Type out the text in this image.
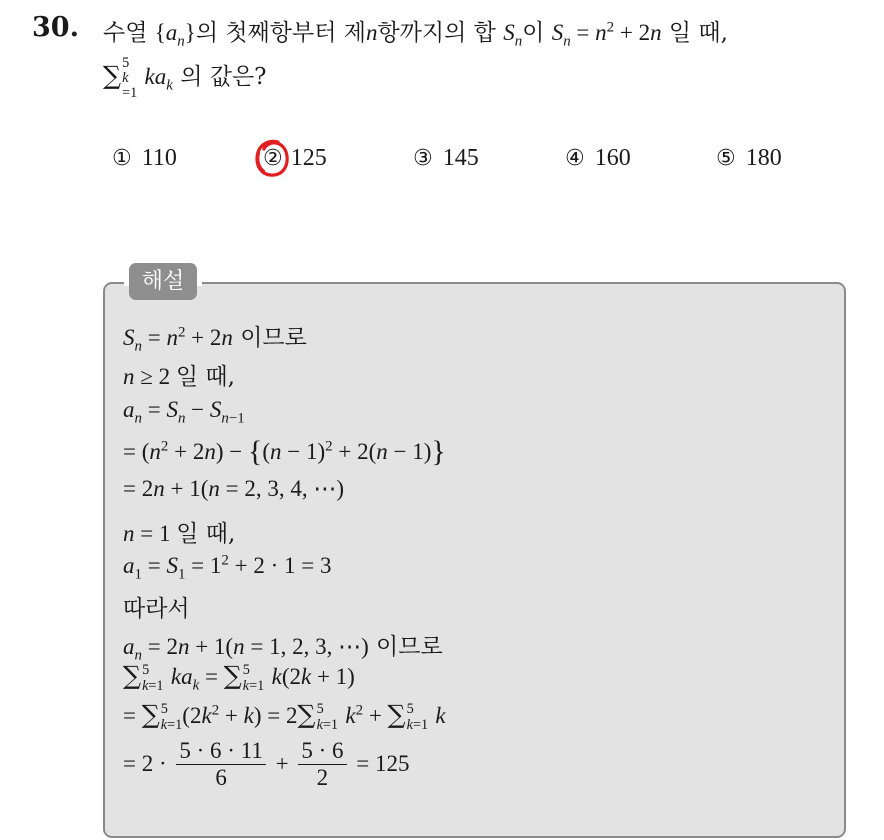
30. 수열 $\{a_n\}$의 첫째항부터 제n항까지의 합 $S_n$이 $S_n = n^2 + 2n$ 일 때,
∑ 5
k
=1 $ka_k$ 의 값은?
① 110	② 125	③ 145	④ 160	⑤ 180
해설
$S_n = n^2 + 2n$ 이므로
n ≥ 2 일 때,
$a_n = S_n - S_{n-1}$
= $(n^2 + 2n) - \{(n - 1)^2 + 2(n - 1)\}$
= 2n + 1(n = 2, 3, 4, ⋯)
n = 1 일 때,
$a_1 = S_1 = 1^2 + 2 \cdot 1 = 3$
따라서
$a_n = 2n + 1(n = 1$, 2, 3, ⋯) 이므로
∑ 5
k=1 $ka_k$ = ∑ 5
k=1 k(2k + 1)
= ∑ 5
$k=1(2k^2 + k) = 2\sum$ 5
k=1 $k^2$ + ∑ 5
k=1 k
= $2 \cdot \frac{5 \cdot 6 \cdot 11}{6} + \frac{5 \cdot 6}{2} = 125$
